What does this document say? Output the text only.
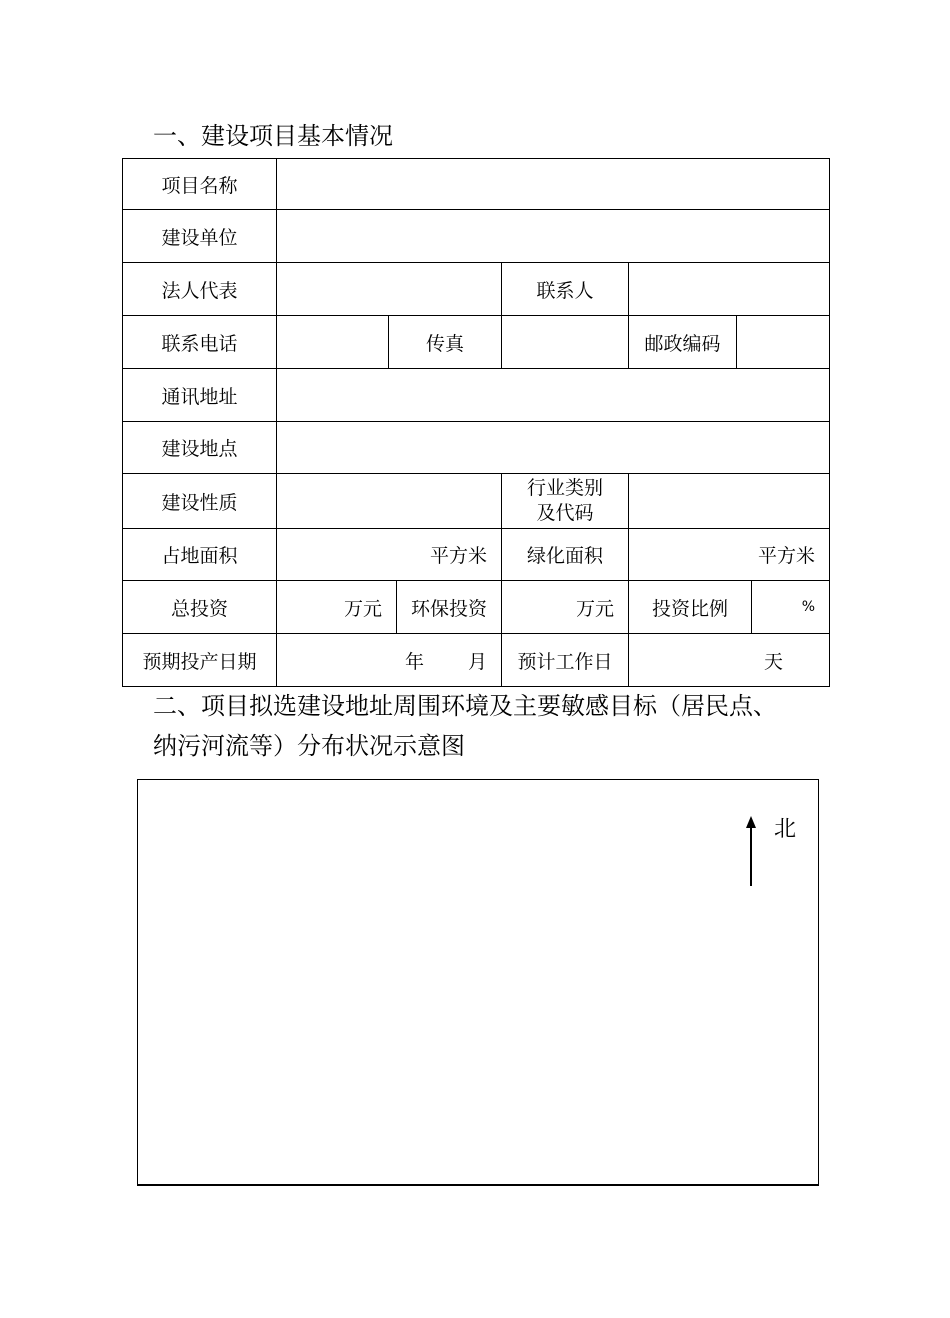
一、建设项目基本情况
项目名称							
建设单位							
法人代表				联系人			
联系电话		传真			邮政编码		
通讯地址							
建设地点							
建设性质				行业类别
及代码			

占地面积	平方米			绿化面积	平方米		
总投资	万元		环保投资	万元	投资比例		%
预期投产日期	年 月			预计工作日	天		
二、项目拟选建设地址周围环境及主要敏感目标（居民点、
纳污河流等）分布状况示意图
北
